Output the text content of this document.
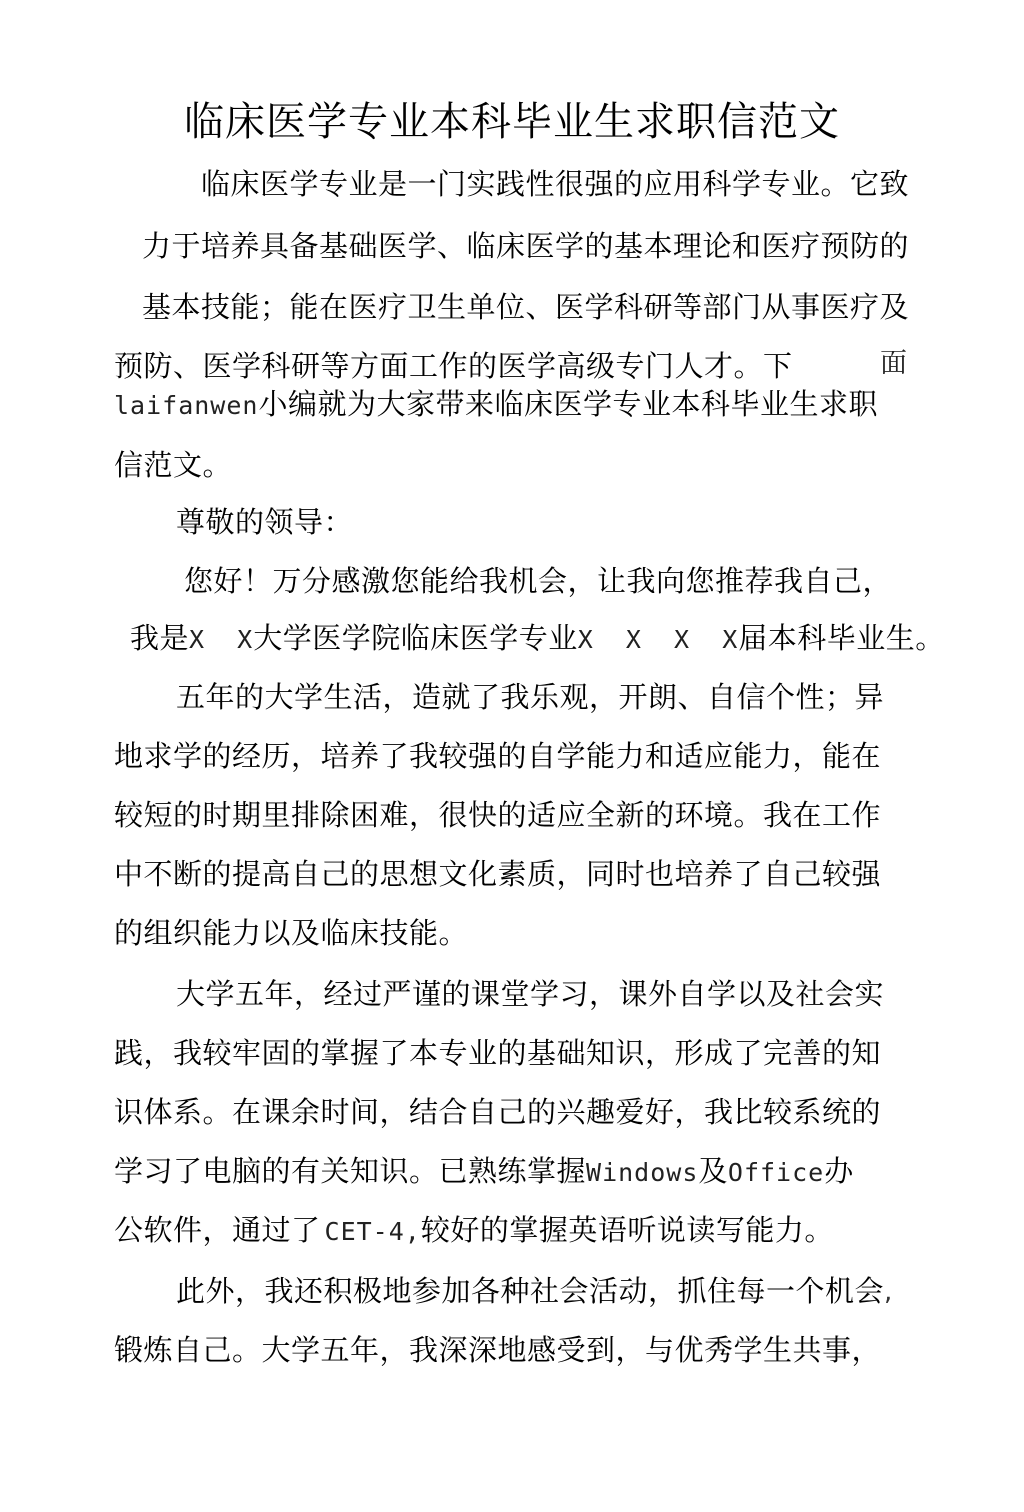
临床医学专业本科毕业生求职信范文
临床医学专业是一门实践性很强的应用科学专业。它致
力于培养具备基础医学、临床医学的基本理论和医疗预防的
基本技能；能在医疗卫生单位、医学科研等部门从事医疗及
预防、医学科研等方面工作的医学高级专门人才。下	面
laifanwen小编就为大家带来临床医学专业本科毕业生求职
信范文。
尊敬的领导：
您好！万分感激您能给我机会，让我向您推荐我自己，
我是X  X大学医学院临床医学专业X  X  X  X届本科毕业生。
五年的大学生活，造就了我乐观，开朗、自信个性；异
地求学的经历，培养了我较强的自学能力和适应能力，能在
较短的时期里排除困难，很快的适应全新的环境。我在工作
中不断的提高自己的思想文化素质，同时也培养了自己较强
的组织能力以及临床技能。
大学五年，经过严谨的课堂学习，课外自学以及社会实
践，我较牢固的掌握了本专业的基础知识，形成了完善的知
识体系。在课余时间，结合自己的兴趣爱好，我比较系统的
学习了电脑的有关知识。已熟练掌握Windows及Office办
公软件，通过了 CET-4,较好的掌握英语听说读写能力。
此外，我还积极地参加各种社会活动，抓住每一个机会 ,
锻炼自己。大学五年，我深深地感受到，与优秀学生共事，
